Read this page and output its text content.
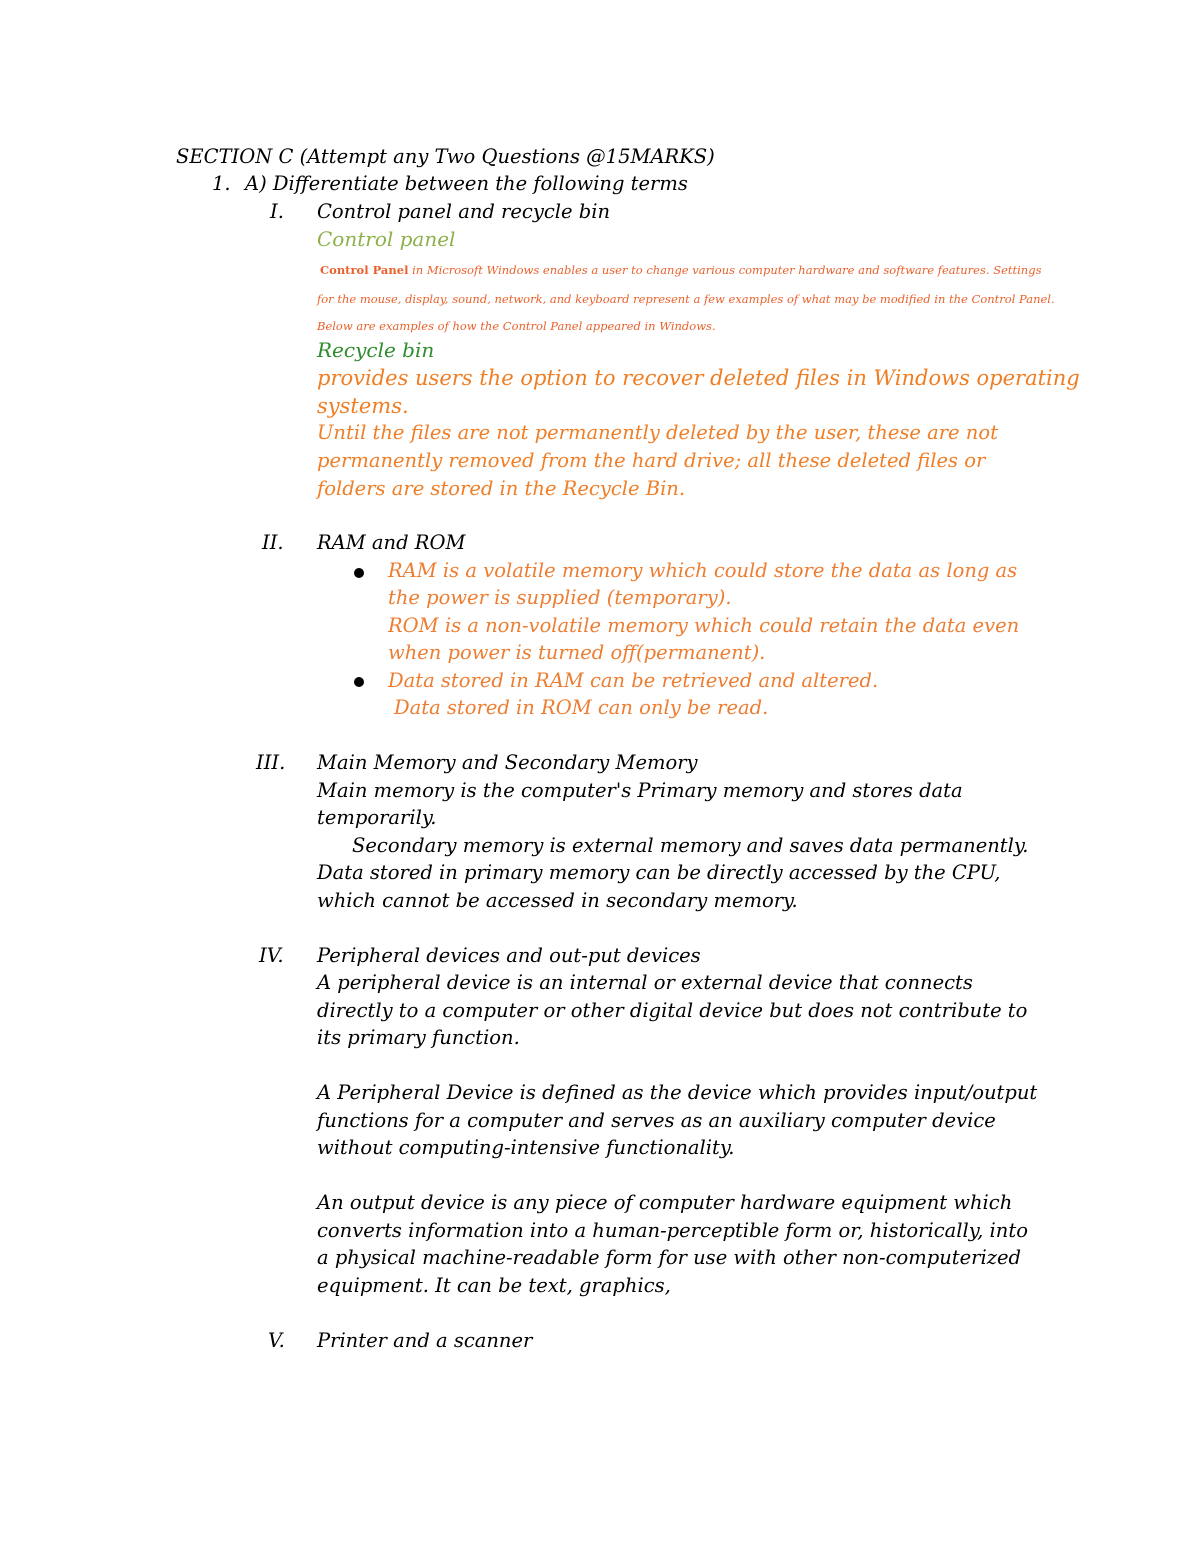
SECTION C (Attempt any Two Questions @15MARKS)
1. A) Differentiate between the following terms
I. Control panel and recycle bin
Control panel
Control Panel in Microsoft Windows enables a user to change various computer hardware and software features. Settings
for the mouse, display, sound, network, and keyboard represent a few examples of what may be modified in the Control Panel.
Below are examples of how the Control Panel appeared in Windows.
Recycle bin
provides users the option to recover deleted files in Windows operating
systems.
Until the files are not permanently deleted by the user, these are not
permanently removed from the hard drive; all these deleted files or
folders are stored in the Recycle Bin.
II. RAM and ROM
RAM is a volatile memory which could store the data as long as
the power is supplied (temporary).
ROM is a non-volatile memory which could retain the data even
when power is turned off(permanent).
Data stored in RAM can be retrieved and altered.
Data stored in ROM can only be read.
III. Main Memory and Secondary Memory
Main memory is the computer's Primary memory and stores data
temporarily.
Secondary memory is external memory and saves data permanently.
Data stored in primary memory can be directly accessed by the CPU,
which cannot be accessed in secondary memory.
IV. Peripheral devices and out-put devices
A peripheral device is an internal or external device that connects
directly to a computer or other digital device but does not contribute to
its primary function.
A Peripheral Device is defined as the device which provides input/output
functions for a computer and serves as an auxiliary computer device
without computing-intensive functionality.
An output device is any piece of computer hardware equipment which
converts information into a human-perceptible form or, historically, into
a physical machine-readable form for use with other non-computerized
equipment. It can be text, graphics,
V. Printer and a scanner
